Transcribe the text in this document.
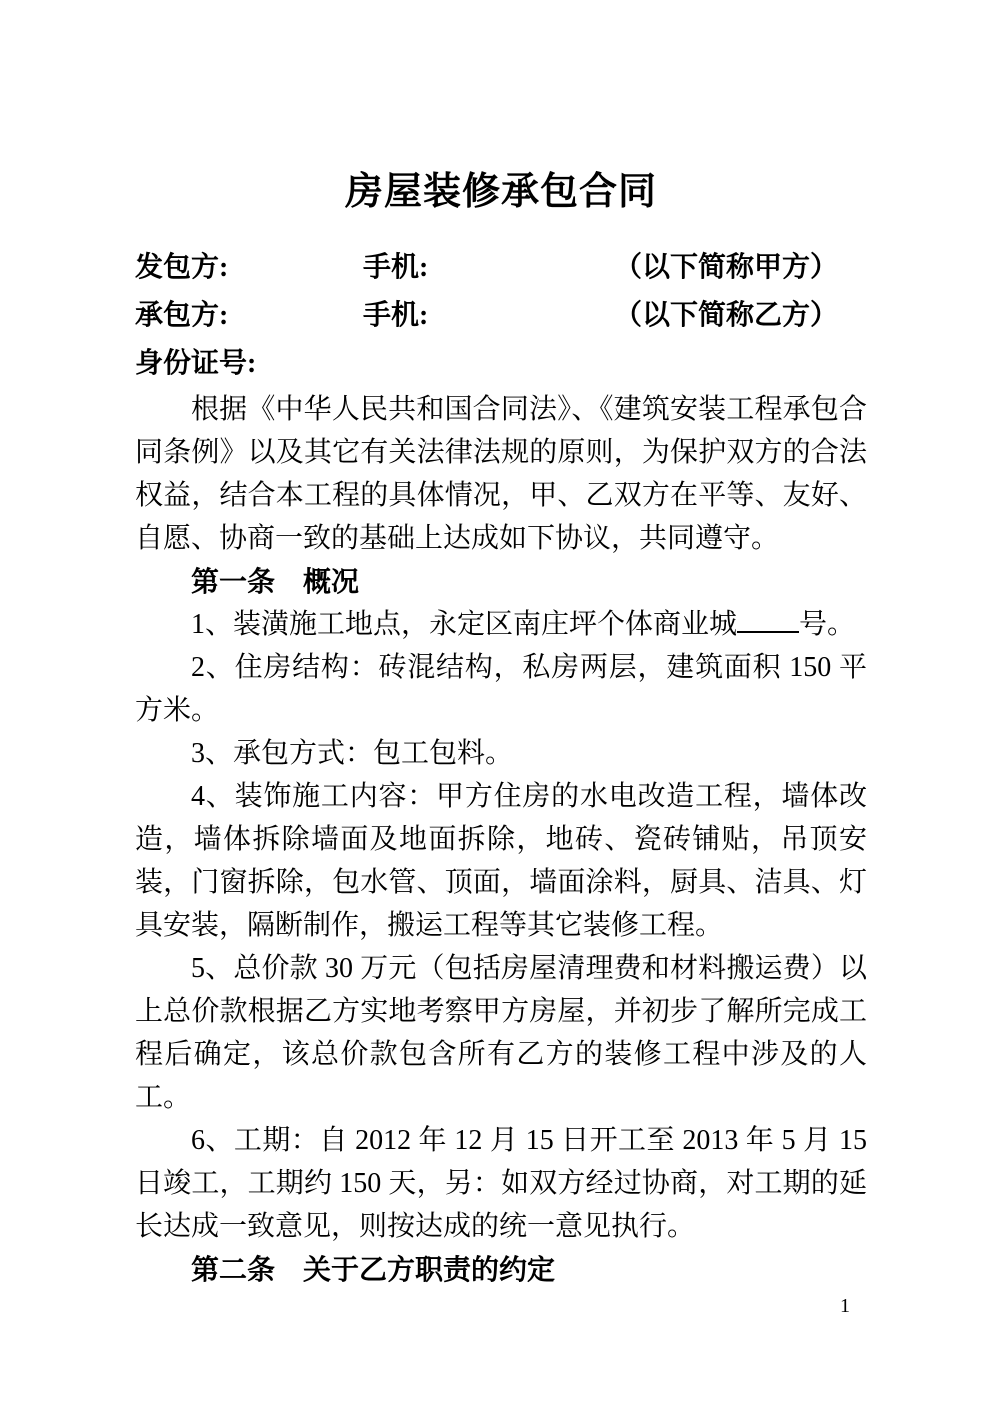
房屋装修承包合同
发包方:	手机:	（以下简称甲方）
承包方:	手机:	（以下简称乙方）
身份证号:

根据《中华人民共和国合同法》、《建筑安装工程承包合同条例》以及其它有关法律法规的原则，为保护双方的合法权益，结合本工程的具体情况，甲、乙双方在平等、友好、自愿、协商一致的基础上达成如下协议，共同遵守。

第一条　概况

1、装潢施工地点，永定区南庄坪个体商业城 号。

2、住房结构：砖混结构，私房两层，建筑面积 150 平方米。

3、承包方式：包工包料。

4、装饰施工内容：甲方住房的水电改造工程，墙体改造，墙体拆除墙面及地面拆除，地砖、瓷砖铺贴，吊顶安装，门窗拆除，包水管、顶面，墙面涂料，厨具、洁具、灯具安装，隔断制作，搬运工程等其它装修工程。

5、总价款 30 万元（包括房屋清理费和材料搬运费）以上总价款根据乙方实地考察甲方房屋，并初步了解所完成工程后确定，该总价款包含所有乙方的装修工程中涉及的人工。

6、工期：自 2012 年 12 月 15 日开工至 2013 年 5 月 15 日竣工，工期约 150 天，另：如双方经过协商，对工期的延长达成一致意见，则按达成的统一意见执行。

第二条　关于乙方职责的约定
1
